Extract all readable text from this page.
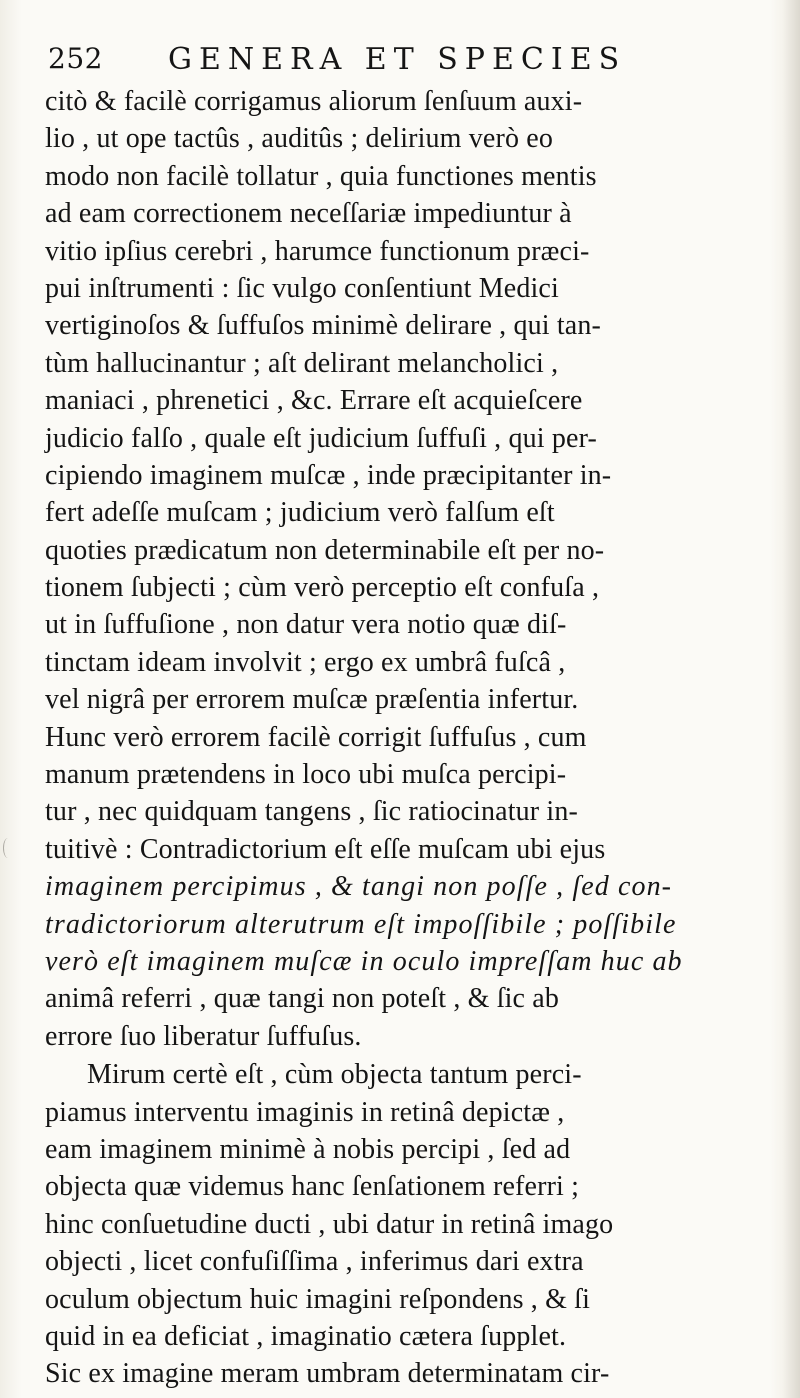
252 GENERA ET SPECIES
citò & facilè corrigamus aliorum ſenſuum auxi-
lio , ut ope tactûs , auditûs ; delirium verò eo
modo non facilè tollatur , quia functiones mentis
ad eam correctionem neceſſariæ impediuntur à
vitio ipſius cerebri , harumce functionum præci-
pui inſtrumenti : ſic vulgo conſentiunt Medici
vertiginoſos & ſuffuſos minimè delirare , qui tan-
tùm hallucinantur ; aſt delirant melancholici ,
maniaci , phrenetici , &c. Errare eſt acquieſcere
judicio falſo , quale eſt judicium ſuffuſi , qui per-
cipiendo imaginem muſcæ , inde præcipitanter in-
fert adeſſe muſcam ; judicium verò falſum eſt
quoties prædicatum non determinabile eſt per no-
tionem ſubjecti ; cùm verò perceptio eſt confuſa ,
ut in ſuffuſione , non datur vera notio quæ diſ-
tinctam ideam involvit ; ergo ex umbrâ fuſcâ ,
vel nigrâ per errorem muſcæ præſentia infertur.
Hunc verò errorem facilè corrigit ſuffuſus , cum
manum prætendens in loco ubi muſca percipi-
tur , nec quidquam tangens , ſic ratiocinatur in-
tuitivè : Contradictorium eſt eſſe muſcam ubi ejus
imaginem percipimus , & tangi non poſſe , ſed con-
tradictoriorum alterutrum eſt impoſſibile ; poſſibile
verò eſt imaginem muſcæ in oculo impreſſam huc ab
animâ referri , quæ tangi non poteſt , & ſic ab
errore ſuo liberatur ſuffuſus.
Mirum certè eſt , cùm objecta tantum perci-
piamus interventu imaginis in retinâ depictæ ,
eam imaginem minimè à nobis percipi , ſed ad
objecta quæ videmus hanc ſenſationem referri ;
hinc conſuetudine ducti , ubi datur in retinâ imago
objecti , licet confuſiſſima , inferimus dari extra
oculum objectum huic imagini reſpondens , & ſi
quid in ea deficiat , imaginatio cætera ſupplet.
Sic ex imagine meram umbram determinatam cir-
